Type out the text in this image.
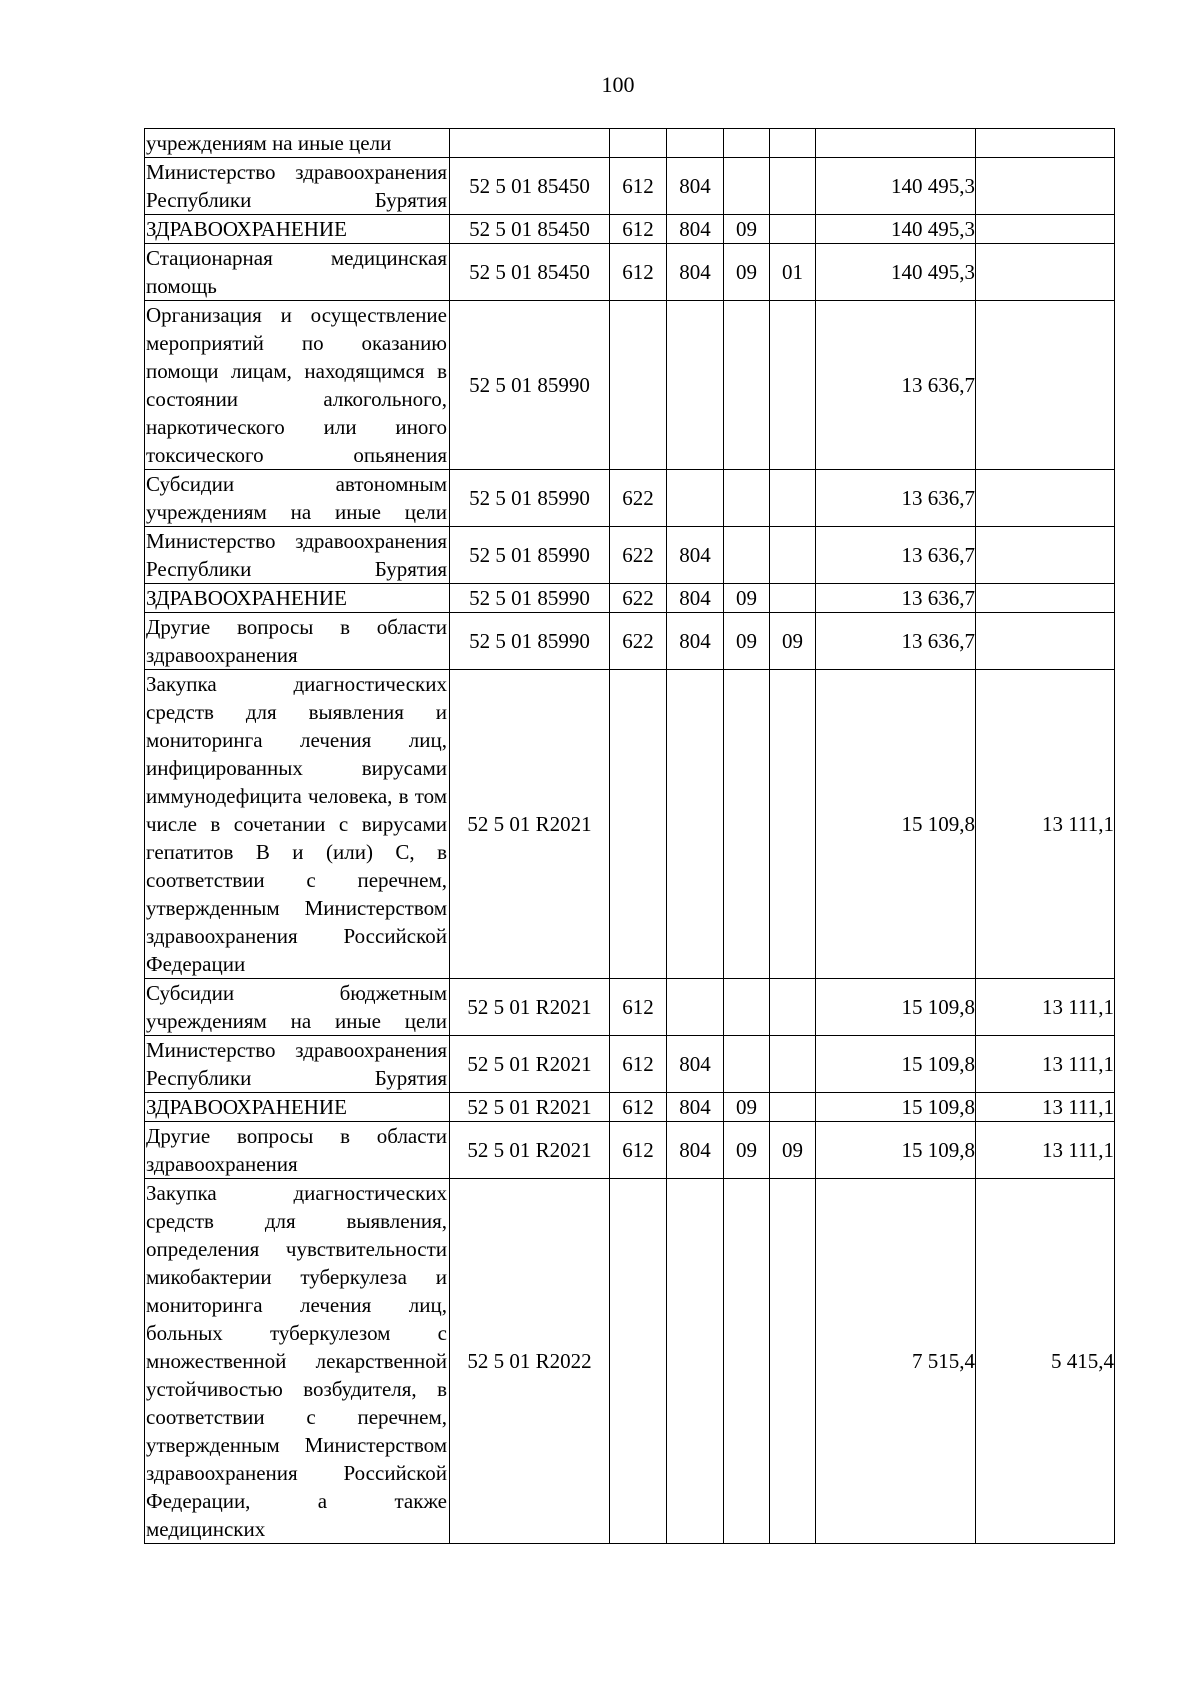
100
учреждениям на иные цели							
Министерство здравоохранения Республики Бурятия	52 5 01 85450	612	804			140 495,3	
ЗДРАВООХРАНЕНИЕ	52 5 01 85450	612	804	09		140 495,3	
Стационарная медицинская помощь	52 5 01 85450	612	804	09	01	140 495,3	
Организация и осуществление мероприятий по оказанию помощи лицам, находящимся в состоянии алкогольного, наркотического или иного токсического опьянения	52 5 01 85990					13 636,7	
Субсидии автономным учреждениям на иные цели	52 5 01 85990	622				13 636,7	
Министерство здравоохранения Республики Бурятия	52 5 01 85990	622	804			13 636,7	
ЗДРАВООХРАНЕНИЕ	52 5 01 85990	622	804	09		13 636,7	
Другие вопросы в области здравоохранения	52 5 01 85990	622	804	09	09	13 636,7	
Закупка диагностических средств для выявления и мониторинга лечения лиц, инфицированных вирусами иммунодефицита человека, в том числе в сочетании с вирусами гепатитов B и (или) C, в соответствии с перечнем, утвержденным Министерством здравоохранения Российской Федерации	52 5 01 R2021					15 109,8	13 111,1
Субсидии бюджетным учреждениям на иные цели	52 5 01 R2021	612				15 109,8	13 111,1
Министерство здравоохранения Республики Бурятия	52 5 01 R2021	612	804			15 109,8	13 111,1
ЗДРАВООХРАНЕНИЕ	52 5 01 R2021	612	804	09		15 109,8	13 111,1
Другие вопросы в области здравоохранения	52 5 01 R2021	612	804	09	09	15 109,8	13 111,1
Закупка диагностических средств для выявления, определения чувствительности микобактерии туберкулеза и мониторинга лечения лиц, больных туберкулезом с множественной лекарственной устойчивостью возбудителя, в соответствии с перечнем, утвержденным Министерством здравоохранения Российской Федерации, а также медицинских	52 5 01 R2022					7 515,4	5 415,4
